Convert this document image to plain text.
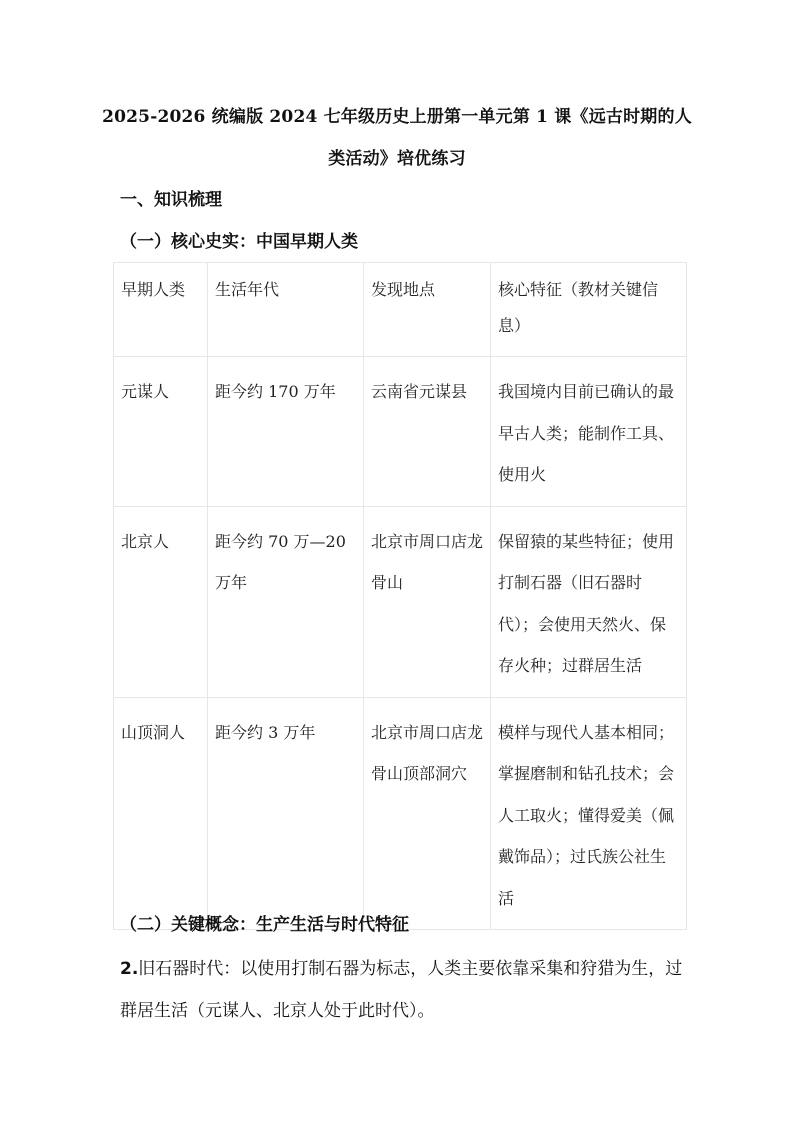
2025-2026 统编版 2024 七年级历史上册第一单元第 1 课《远古时期的人类活动》培优练习
一、知识梳理
（一）核心史实：中国早期人类
早期人类	生活年代	发现地点	核心特征（教材关键信息）
元谋人	距今约 170 万年	云南省元谋县	我国境内目前已确认的最早古人类；能制作工具、使用火
北京人	距今约 70 万—20 万年	北京市周口店龙骨山	保留猿的某些特征；使用打制石器（旧石器时代）；会使用天然火、保存火种；过群居生活
山顶洞人	距今约 3 万年	北京市周口店龙骨山顶部洞穴	模样与现代人基本相同；掌握磨制和钻孔技术；会人工取火；懂得爱美（佩戴饰品）；过氏族公社生活
（二）关键概念：生产生活与时代特征
2.旧石器时代：以使用打制石器为标志，人类主要依靠采集和狩猎为生，过群居生活（元谋人、北京人处于此时代）。
